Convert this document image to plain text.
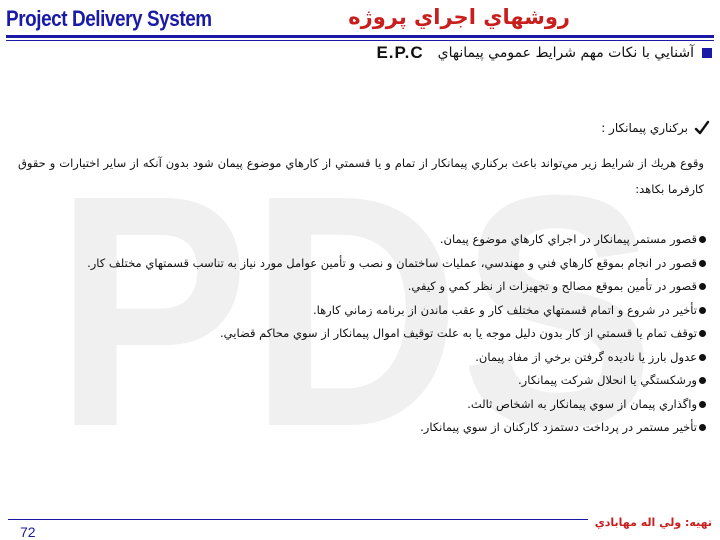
PDS
Project Delivery System	روشهاي اجراي پروژه
آشنايي با نكات مهم شرايط عمومي پيمانهاي
E.P.C
بركناري پيمانكار :
وقوع هريك از شرايط زير مي‌تواند باعث بركناري پيمانكار از تمام و يا قسمتي از كارهاي موضوع پيمان شود بدون آنكه از ساير اختيارات و حقوق كارفرما بكاهد:
قصور مستمر پيمانكار در اجراي كارهاي موضوع پيمان.
قصور در انجام بموقع كارهاي فني و مهندسي، عمليات ساختمان و نصب و تأمين عوامل مورد نياز به تناسب قسمتهاي مختلف كار.
قصور در تأمين بموقع مصالح و تجهيزات از نظر كمي و كيفي.
تأخير در شروع و اتمام قسمتهاي مختلف كار و عقب ماندن از برنامه زماني كارها.
توقف تمام يا قسمتي از كار بدون دليل موجه يا به علت توقيف اموال پيمانكار از سوي محاكم قضايي.
عدول بارز يا ناديده گرفتن برخي از مفاد پيمان.
ورشكستگي يا انحلال شركت پيمانكار.
واگذاري پيمان از سوي پيمانكار به اشخاص ثالث.
تأخير مستمر در پرداخت دستمزد كاركنان از سوي پيمانكار.
72
تهيه: ولي اله مهابادي
